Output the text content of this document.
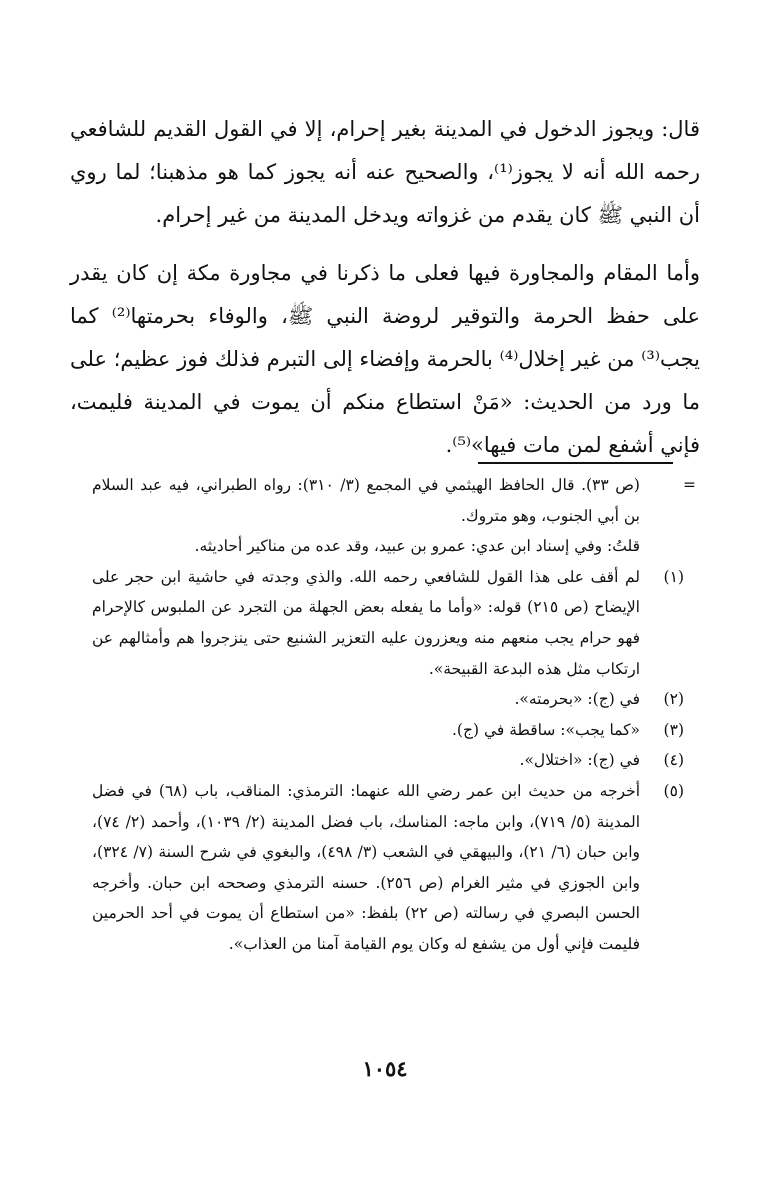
قال: ويجوز الدخول في المدينة بغير إحرام، إلا في القول القديم للشافعي رحمه الله أنه لا يجوز⁽¹⁾، والصحيح عنه أنه يجوز كما هو مذهبنا؛ لما روي أن النبي ﷺ كان يقدم من غزواته ويدخل المدينة من غير إحرام.

وأما المقام والمجاورة فيها فعلى ما ذكرنا في مجاورة مكة إن كان يقدر على حفظ الحرمة والتوقير لروضة النبي ﷺ، والوفاء بحرمتها⁽²⁾ كما يجب⁽³⁾ من غير إخلال⁽⁴⁾ بالحرمة وإفضاء إلى التبرم فذلك فوز عظيم؛ على ما ورد من الحديث: «مَنْ استطاع منكم أن يموت في المدينة فليمت، فإني أشفع لمن مات فيها»⁽⁵⁾.

=
(ص ٣٣). قال الحافظ الهيثمي في المجمع (٣/ ٣١٠): رواه الطبراني، فيه عبد السلام بن أبي الجنوب، وهو متروك.
قلتُ: وفي إسناد ابن عدي: عمرو بن عبيد، وقد عده من مناكير أحاديثه.
(١)
لم أقف على هذا القول للشافعي رحمه الله. والذي وجدته في حاشية ابن حجر على الإيضاح (ص ٢١٥) قوله: «وأما ما يفعله بعض الجهلة من التجرد عن الملبوس كالإحرام فهو حرام يجب منعهم منه ويعزرون عليه التعزير الشنيع حتى ينزجروا هم وأمثالهم عن ارتكاب مثل هذه البدعة القبيحة».
(٢)
في (ج): «بحرمته».
(٣)
«كما يجب»: ساقطة في (ج).
(٤)
في (ج): «اختلال».
(٥)
أخرجه من حديث ابن عمر رضي الله عنهما: الترمذي: المناقب، باب (٦٨) في فضل المدينة (٥/ ٧١٩)، وابن ماجه: المناسك، باب فضل المدينة (٢/ ١٠٣٩)، وأحمد (٢/ ٧٤)، وابن حبان (٦/ ٢١)، والبيهقي في الشعب (٣/ ٤٩٨)، والبغوي في شرح السنة (٧/ ٣٢٤)، وابن الجوزي في مثير الغرام (ص ٢٥٦). حسنه الترمذي وصححه ابن حبان. وأخرجه الحسن البصري في رسالته (ص ٢٢) بلفظ: «من استطاع أن يموت في أحد الحرمين فليمت فإني أول من يشفع له وكان يوم القيامة آمنا من العذاب».
١٠٥٤
